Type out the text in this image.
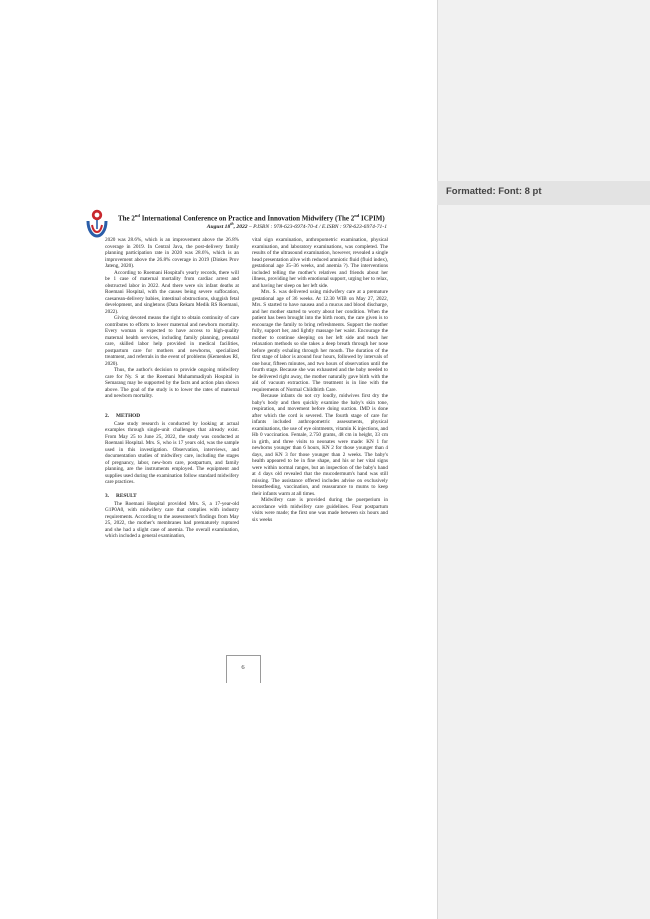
Formatted: Font: 8 pt
The 2nd International Conference on Practice and Innovation Midwifery (The 2nd ICPIM)
August 18th, 2022 – P.ISBN : 978-623-6974-70-4 / E.ISBN : 978-623-6974-71-1

2020 was 28.6%, which is an improvement above the 26.8% coverage in 2019. In Central Java, the post-delivery family planning participation rate in 2020 was 28.6%, which is an improvement above the 26.8% coverage in 2019 (Dinkes Prov Jateng, 2020).

According to Roemani Hospital's yearly records, there will be 1 case of maternal mortality from cardiac arrest and obstructed labor in 2022. And there were six infant deaths at Roemani Hospital, with the causes being severe suffocation, caesarean-delivery babies, intestinal obstructions, sluggish fetal development, and singletons (Data Rekam Medik RS Roemani, 2022).

Giving devoted means the right to obtain continuity of care contributes to efforts to lower maternal and newborn mortality. Every woman is expected to have access to high-quality maternal health services, including family planning, prenatal care, skilled labor help provided in medical facilities, postpartum care for mothers and newborns, specialized treatment, and referrals in the event of problems (Kemenkes RI, 2020).

Thus, the author's decision to provide ongoing midwifery care for Ny. S at the Roemani Muhammadiyah Hospital in Semarang may be supported by the facts and action plan shown above. The goal of the study is to lower the rates of maternal and newborn mortality.

2. METHOD

Case study research is conducted by looking at actual examples through single-unit challenges that already exist. From May 25 to June 25, 2022, the study was conducted at Roemani Hospital. Mrs. S, who is 17 years old, was the sample used in this investigation. Observation, interviews, and documentation studies of midwifery care, including the stages of pregnancy, labor, new-born care, postpartum, and family planning, are the instruments employed. The equipment and supplies used during the examination follow standard midwifery care practices.

3. RESULT

The Roemani Hospital provided Mrs. S, a 17-year-old G1P0A0, with midwifery care that complies with industry requirements. According to the assessment's findings from May 25, 2022, the mother's membranes had prematurely ruptured and she had a slight case of anemia. The overall examination, which included a general examination,

vital sign examination, anthropometric examination, physical examination, and laboratory examinations, was completed. The results of the ultrasound examination, however, revealed a single head presentation alive with reduced amniotic fluid (fluid index), gestational age 35–36 weeks, and anemia ?). The interventions included telling the mother's relatives and friends about her illness, providing her with emotional support, urging her to relax, and having her sleep on her left side.

Mrs. S. was delivered using midwifery care at a premature gestational age of 36 weeks. At 12.30 WIB on May 27, 2022, Mrs. S started to have nausea and a mucus and blood discharge, and her mother started to worry about her condition. When the patient has been brought into the birth room, the care given is to encourage the family to bring refreshments. Support the mother fully, support her, and lightly massage her waist. Encourage the mother to continue sleeping on her left side and teach her relaxation methods so she takes a deep breath through her nose before gently exhaling through her mouth. The duration of the first stage of labor is around four hours, followed by intervals of one hour, fifteen minutes, and two hours of observation until the fourth stage. Because she was exhausted and the baby needed to be delivered right away, the mother naturally gave birth with the aid of vacuum extraction. The treatment is in line with the requirements of Normal Childbirth Care.

Because infants do not cry loudly, midwives first dry the baby's body and then quickly examine the baby's skin tone, respiration, and movement before doing suction. IMD is done after which the cord is severed. The fourth stage of care for infants included anthropometric assessments, physical examinations, the use of eye ointments, vitamin K injections, and Hb 0 vaccination. Female, 2.750 grams, 48 cm in height, 33 cm in girth, and three visits to neonates were made: KN 1 for newborns younger than 6 hours, KN 2 for those younger than 4 days, and KN 3 for those younger than 2 weeks. The baby's health appeared to be in fine shape, and his or her vital signs were within normal ranges, but an inspection of the baby's hand at 4 days old revealed that the mucodermum's hand was still missing. The assistance offered includes advise on exclusively breastfeeding, vaccination, and reassurance to mums to keep their infants warm at all times.

Midwifery care is provided during the puerperium in accordance with midwifery care guidelines. Four postpartum visits were made; the first one was made between six hours and six weeks

6
